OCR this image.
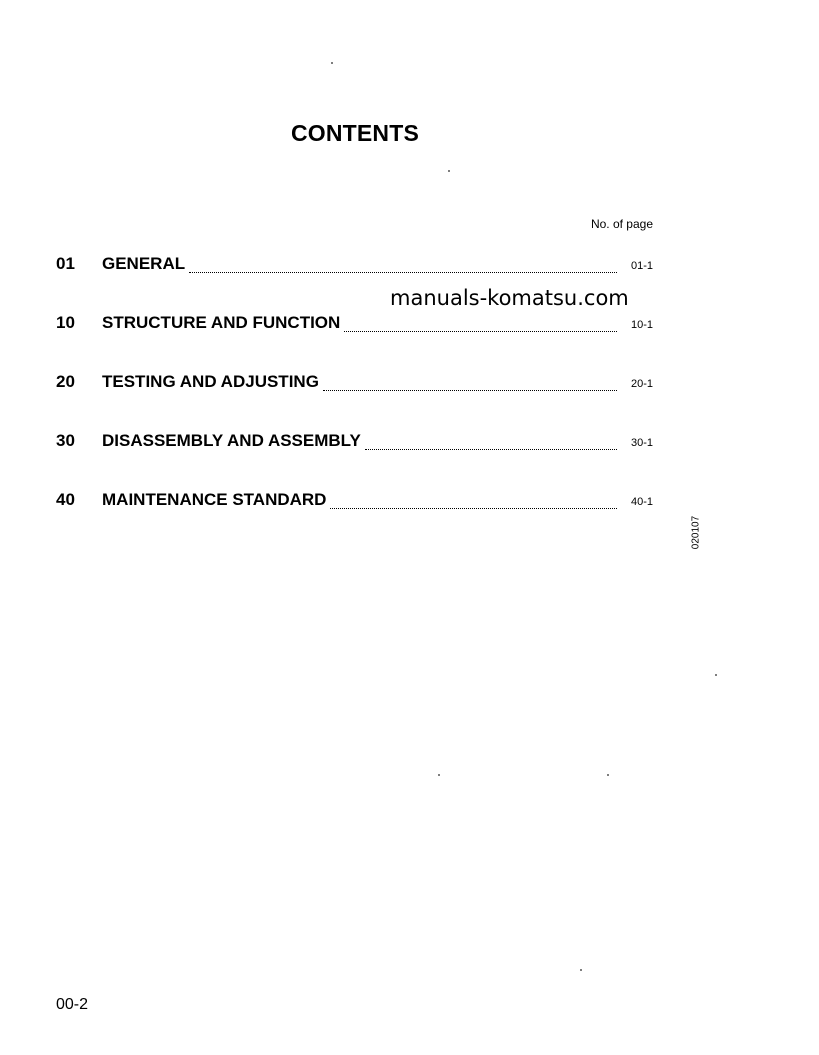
CONTENTS
No. of page
manuals-komatsu.com
01	GENERAL	01-1
10	STRUCTURE AND FUNCTION	10-1
20	TESTING AND ADJUSTING	20-1
30	DISASSEMBLY AND ASSEMBLY	30-1
40	MAINTENANCE STANDARD	40-1
020107
00-2
